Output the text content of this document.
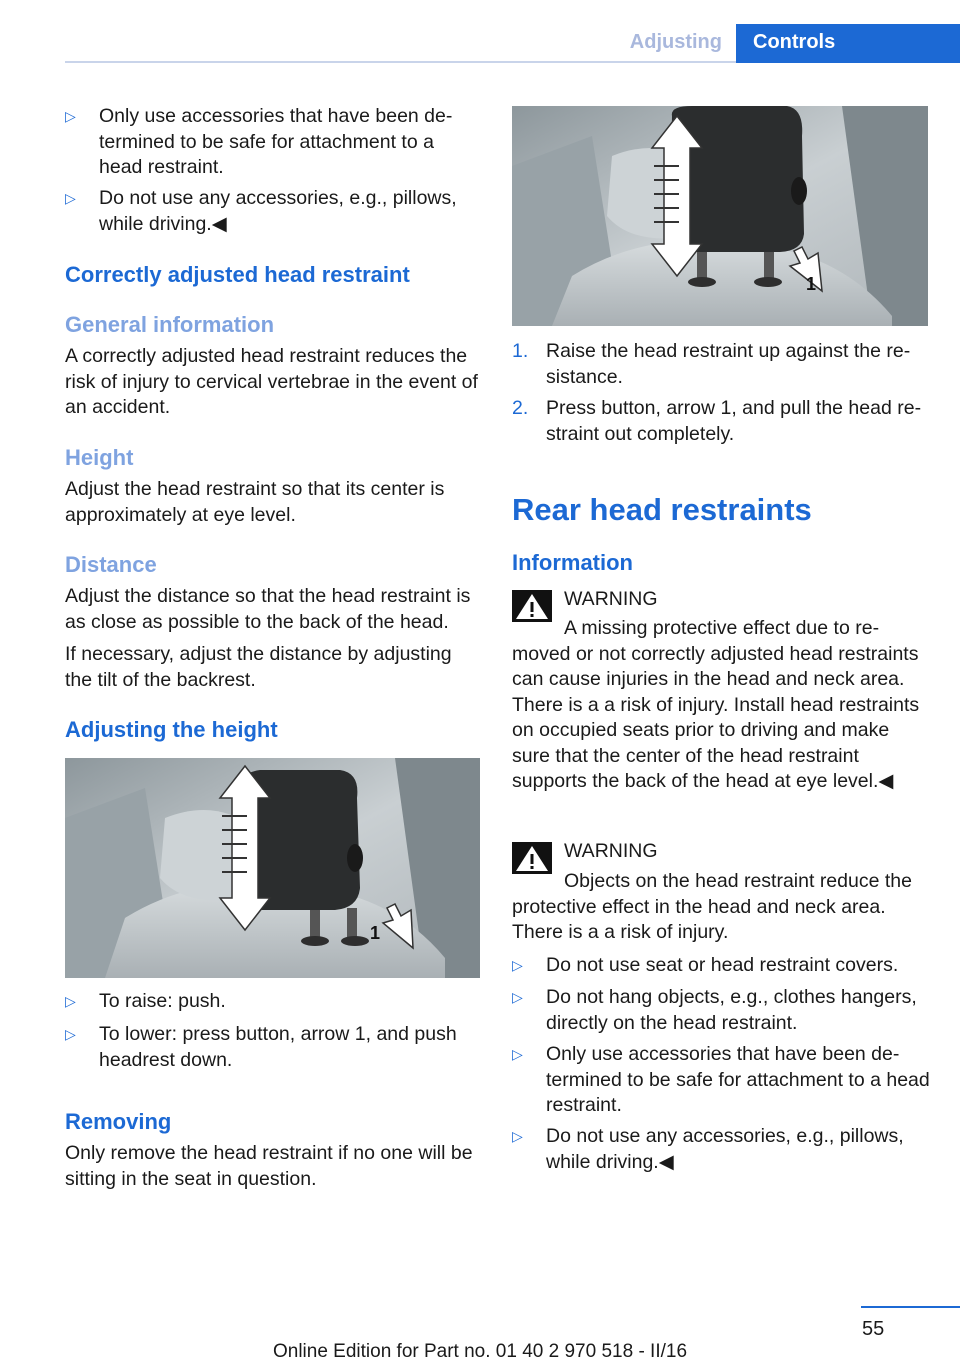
Adjusting	Controls
▷ Only use accessories that have been determined to be safe for attachment to a head restraint.
▷ Do not use any accessories, e.g., pillows, while driving.◀
Correctly adjusted head restraint
General information

A correctly adjusted head restraint reduces the risk of injury to cervical vertebrae in the event of an accident.

Height

Adjust the head restraint so that its center is approximately at eye level.

Distance

Adjust the distance so that the head restraint is as close as possible to the back of the head.

If necessary, adjust the distance by adjusting the tilt of the backrest.

Adjusting the height
1
▷ To raise: push.
▷ To lower: press button, arrow 1, and push headrest down.
Removing

Only remove the head restraint if no one will be sitting in the seat in question.

1
1. Raise the head restraint up against the resistance.
2. Press button, arrow 1, and pull the head restraint out completely.
Rear head restraints
Information
WARNING
A missing protective effect due to removed or not correctly adjusted head restraints can cause injuries in the head and neck area. There is a a risk of injury. Install head restraints on occupied seats prior to driving and make sure that the center of the head restraint supports the back of the head at eye level.◀
WARNING
Objects on the head restraint reduce the protective effect in the head and neck area. There is a a risk of injury.
▷ Do not use seat or head restraint covers.
▷ Do not hang objects, e.g., clothes hangers, directly on the head restraint.
▷ Only use accessories that have been determined to be safe for attachment to a head restraint.
▷ Do not use any accessories, e.g., pillows, while driving.◀
55
Online Edition for Part no. 01 40 2 970 518 - II/16
